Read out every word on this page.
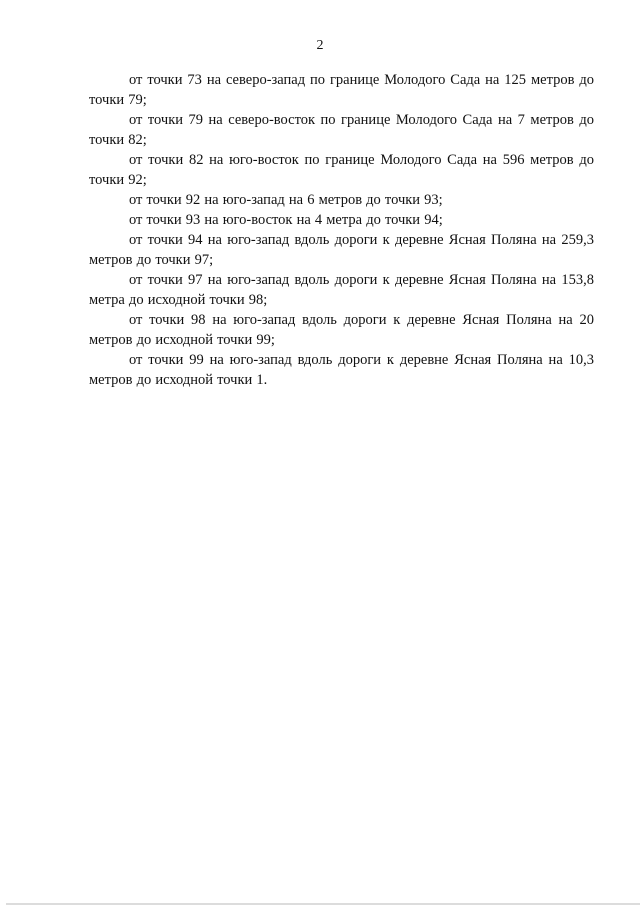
2

от точки 73 на северо-запад по границе Молодого Сада на 125 метров до точки 79;

от точки 79 на северо-восток по границе Молодого Сада на 7 метров до точки 82;

от точки 82 на юго-восток по границе Молодого Сада на 596 метров до точки 92;

от точки 92 на юго-запад на 6 метров до точки 93;

от точки 93 на юго-восток на 4 метра до точки 94;

от точки 94 на юго-запад вдоль дороги к деревне Ясная Поляна на 259,3 метров до точки 97;

от точки 97 на юго-запад вдоль дороги к деревне Ясная Поляна на 153,8 метра до исходной точки 98;

от точки 98 на юго-запад вдоль дороги к деревне Ясная Поляна на 20 метров до исходной точки 99;

от точки 99 на юго-запад вдоль дороги к деревне Ясная Поляна на 10,3 метров до исходной точки 1.
